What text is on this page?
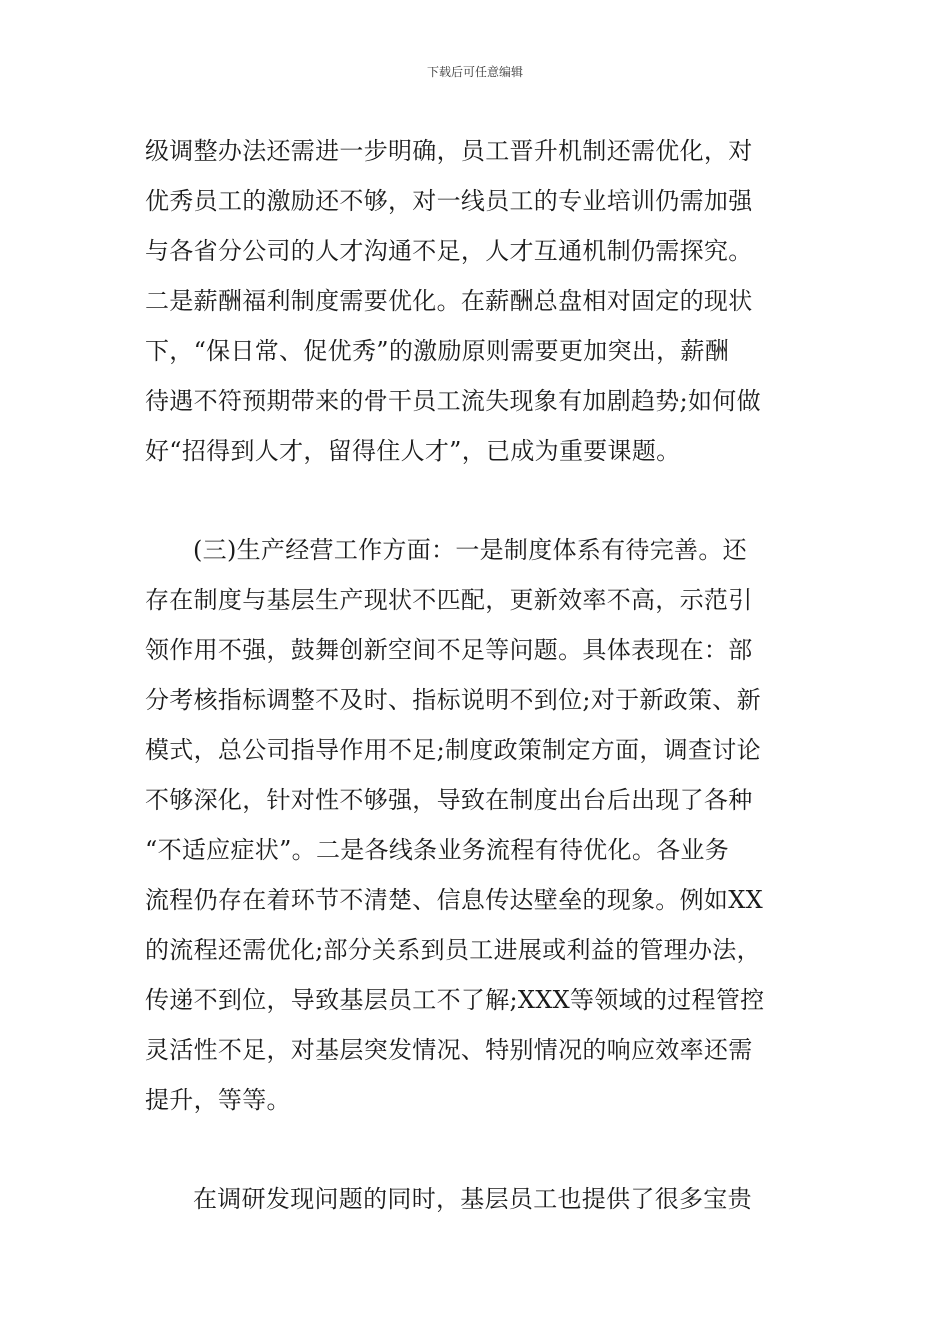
下载后可任意编辑
级调整办法还需进一步明确，员工晋升机制还需优化，对
优秀员工的激励还不够，对一线员工的专业培训仍需加强
与各省分公司的人才沟通不足，人才互通机制仍需探究。
二是薪酬福利制度需要优化。在薪酬总盘相对固定的现状
下，“保日常、促优秀”的激励原则需要更加突出，薪酬
待遇不符预期带来的骨干员工流失现象有加剧趋势;如何做
好“招得到人才，留得住人才”，已成为重要课题。
(三)生产经营工作方面：一是制度体系有待完善。还
存在制度与基层生产现状不匹配，更新效率不高，示范引
领作用不强，鼓舞创新空间不足等问题。具体表现在：部
分考核指标调整不及时、指标说明不到位;对于新政策、新
模式，总公司指导作用不足;制度政策制定方面，调查讨论
不够深化，针对性不够强，导致在制度出台后出现了各种
“不适应症状”。二是各线条业务流程有待优化。各业务
流程仍存在着环节不清楚、信息传达壁垒的现象。例如XX
的流程还需优化;部分关系到员工进展或利益的管理办法，
传递不到位，导致基层员工不了解;XXX等领域的过程管控
灵活性不足，对基层突发情况、特别情况的响应效率还需
提升，等等。
在调研发现问题的同时，基层员工也提供了很多宝贵
